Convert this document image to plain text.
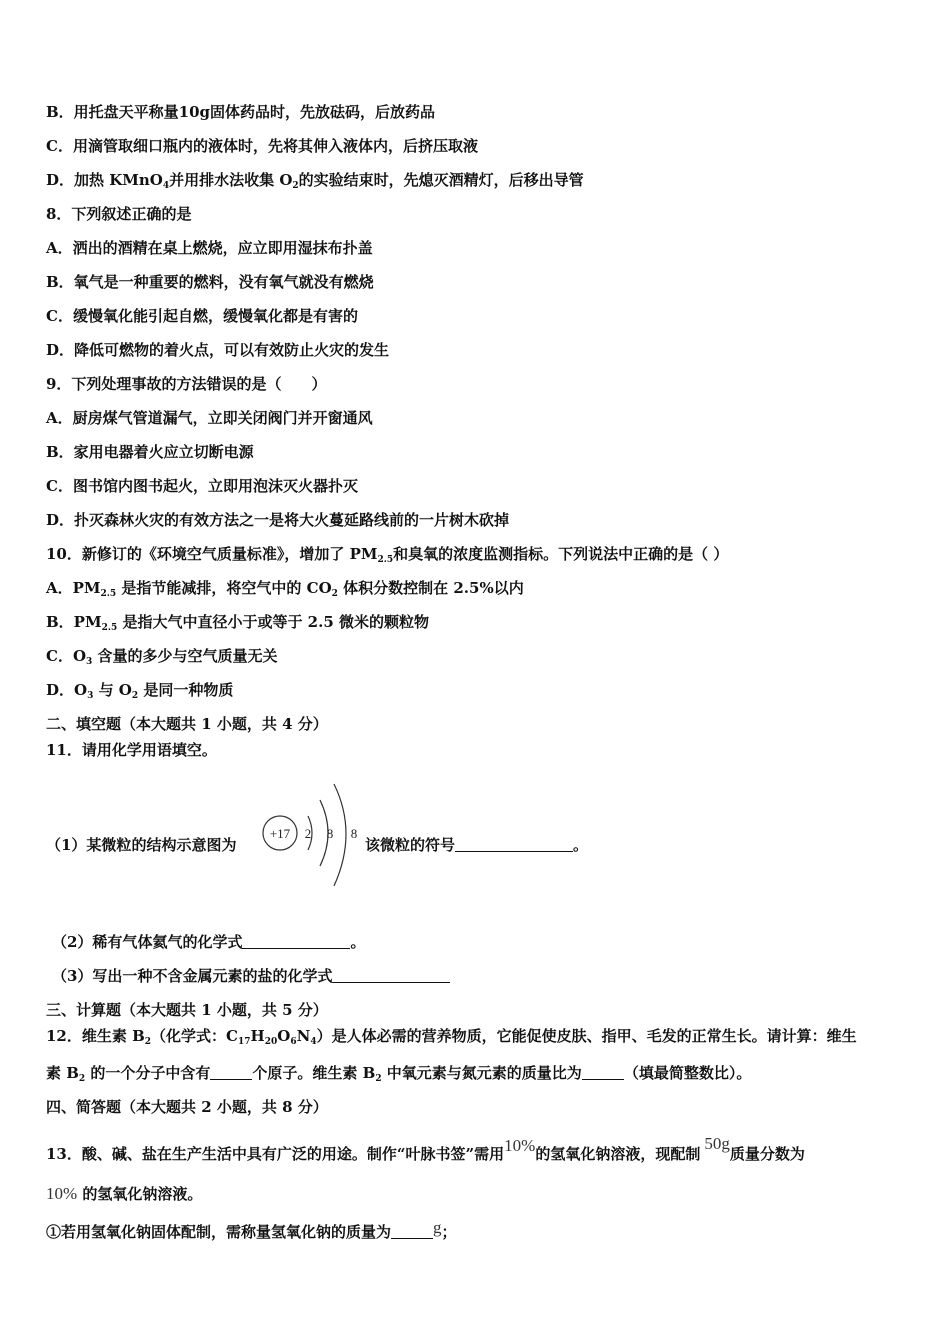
B．用托盘天平称量10g固体药品时，先放砝码，后放药品
C．用滴管取细口瓶内的液体时，先将其伸入液体内，后挤压取液
D．加热 KMnO$_4$并用排水法收集 $O_2$的实验结束时，先熄灭酒精灯，后移出导管
8．下列叙述正确的是
A．洒出的酒精在桌上燃烧，应立即用湿抹布扑盖
B．氧气是一种重要的燃料，没有氧气就没有燃烧
C．缓慢氧化能引起自燃，缓慢氧化都是有害的
D．降低可燃物的着火点，可以有效防止火灾的发生
9．下列处理事故的方法错误的是（　　）
A．厨房煤气管道漏气，立即关闭阀门并开窗通风
B．家用电器着火应立切断电源
C．图书馆内图书起火，立即用泡沫灭火器扑灭
D．扑灭森林火灾的有效方法之一是将大火蔓延路线前的一片树木砍掉
10．新修订的《环境空气质量标准》，增加了 $PM_{2.5}$和臭氧的浓度监测指标。下列说法中正确的是（ ）
A．$PM_{2.5}$ 是指节能减排，将空气中的 $CO_2$ 体积分数控制在 2.5%以内
B．$PM_{2.5}$ 是指大气中直径小于或等于 2.5 微米的颗粒物
C．$O_3$ 含量的多少与空气质量无关
D．$O_3$ 与 $O_2$ 是同一种物质
二、填空题（本大题共 1 小题，共 4 分）
11．请用化学用语填空。
（1）某微粒的结构示意图为
+17 2 8 8
该微粒的符号	。
（2）稀有气体氦气的化学式	。
（3）写出一种不含金属元素的盐的化学式
三、计算题（本大题共 1 小题，共 5 分）
12．维生素 $B_2$（化学式：$C_{17}H_{20}O_6N_4$）是人体必需的营养物质，它能促使皮肤、指甲、毛发的正常生长。请计算：维生
素 $B_2$ 的一个分子中含有	个原子。维生素 $B_2$ 中氧元素与氮元素的质量比为	（填最简整数比）。
四、简答题（本大题共 2 小题，共 8 分）
13．酸、碱、盐在生产生活中具有广泛的用途。制作“叶脉书签”需用10%的氢氧化钠溶液，现配制50g质量分数为
10% 的氢氧化钠溶液。
①若用氢氧化钠固体配制，需称量氢氧化钠的质量为 g；
